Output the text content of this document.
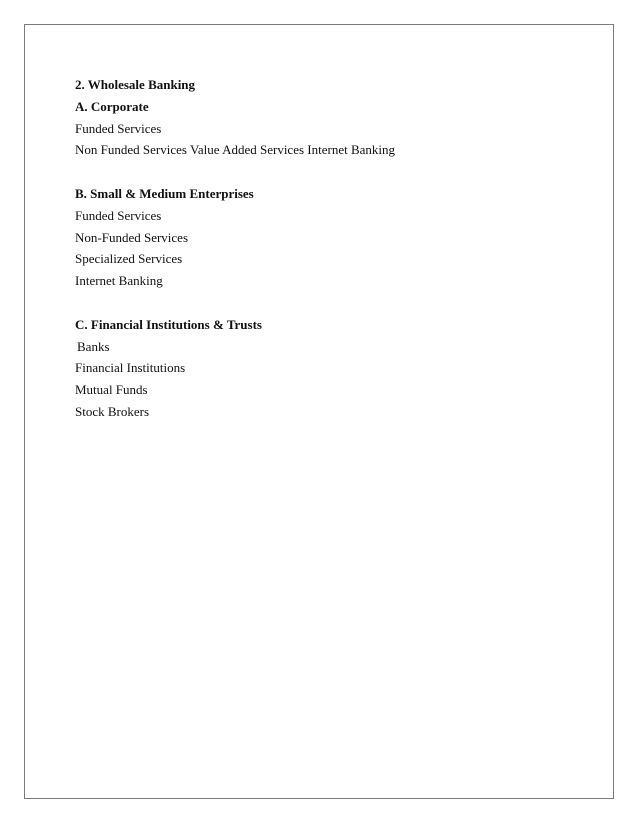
2. Wholesale Banking
A. Corporate
Funded Services
Non Funded Services Value Added Services Internet Banking
B. Small & Medium Enterprises
Funded Services
Non-Funded Services
Specialized Services
Internet Banking
C. Financial Institutions & Trusts
Banks
Financial Institutions
Mutual Funds
Stock Brokers
